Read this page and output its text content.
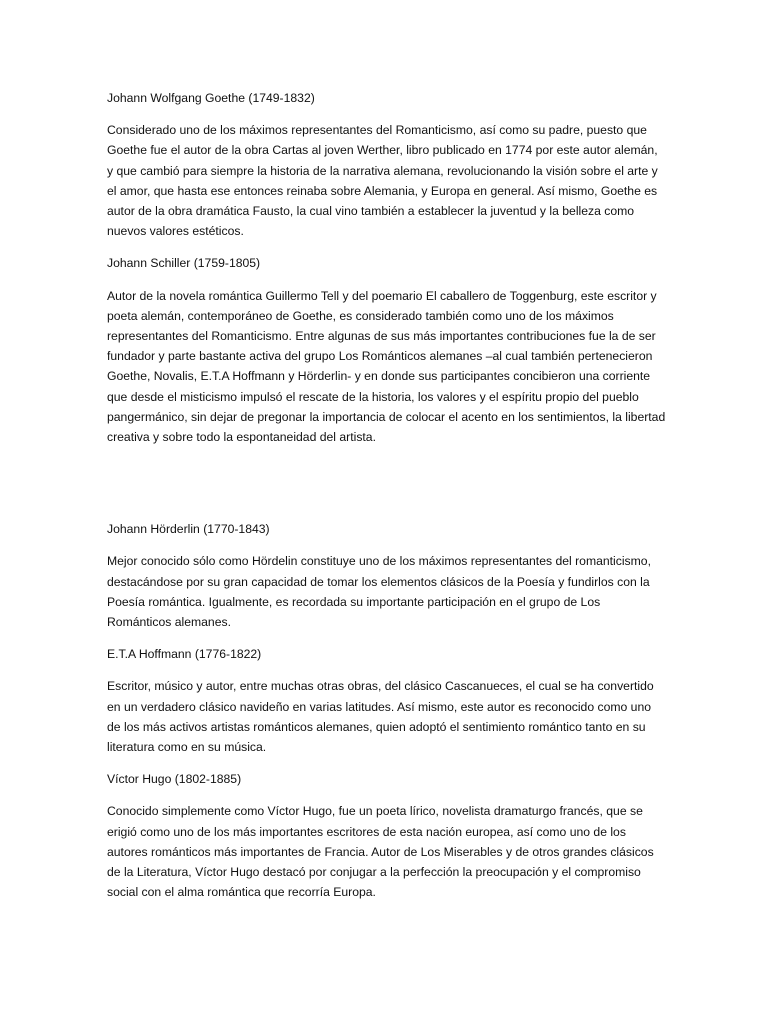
Johann Wolfgang Goethe (1749-1832)

Considerado uno de los máximos representantes del Romanticismo, así como su padre, puesto que Goethe fue el autor de la obra Cartas al joven Werther, libro publicado en 1774 por este autor alemán, y que cambió para siempre la historia de la narrativa alemana, revolucionando la visión sobre el arte y el amor, que hasta ese entonces reinaba sobre Alemania, y Europa en general. Así mismo, Goethe es autor de la obra dramática Fausto, la cual vino también a establecer la juventud y la belleza como nuevos valores estéticos.

Johann Schiller (1759-1805)

Autor de la novela romántica Guillermo Tell y del poemario El caballero de Toggenburg, este escritor y poeta alemán, contemporáneo de Goethe, es considerado también como uno de los máximos representantes del Romanticismo. Entre algunas de sus más importantes contribuciones fue la de ser fundador y parte bastante activa del grupo Los Románticos alemanes –al cual también pertenecieron Goethe, Novalis, E.T.A Hoffmann y Hörderlin- y en donde sus participantes concibieron una corriente que desde el misticismo impulsó el rescate de la historia, los valores y el espíritu propio del pueblo pangermánico, sin dejar de pregonar la importancia de colocar el acento en los sentimientos, la libertad creativa y sobre todo la espontaneidad del artista.

Johann Hörderlin (1770-1843)

Mejor conocido sólo como Hördelin constituye uno de los máximos representantes del romanticismo, destacándose por su gran capacidad de tomar los elementos clásicos de la Poesía y fundirlos con la Poesía romántica. Igualmente, es recordada su importante participación en el grupo de Los Románticos alemanes.

E.T.A Hoffmann (1776-1822)

Escritor, músico y autor, entre muchas otras obras, del clásico Cascanueces, el cual se ha convertido en un verdadero clásico navideño en varias latitudes. Así mismo, este autor es reconocido como uno de los más activos artistas románticos alemanes, quien adoptó el sentimiento romántico tanto en su literatura como en su música.

Víctor Hugo (1802-1885)

Conocido simplemente como Víctor Hugo, fue un poeta lírico, novelista dramaturgo francés, que se erigió como uno de los más importantes escritores de esta nación europea, así como uno de los autores románticos más importantes de Francia. Autor de Los Miserables y de otros grandes clásicos de la Literatura, Víctor Hugo destacó por conjugar a la perfección la preocupación y el compromiso social con el alma romántica que recorría Europa.
